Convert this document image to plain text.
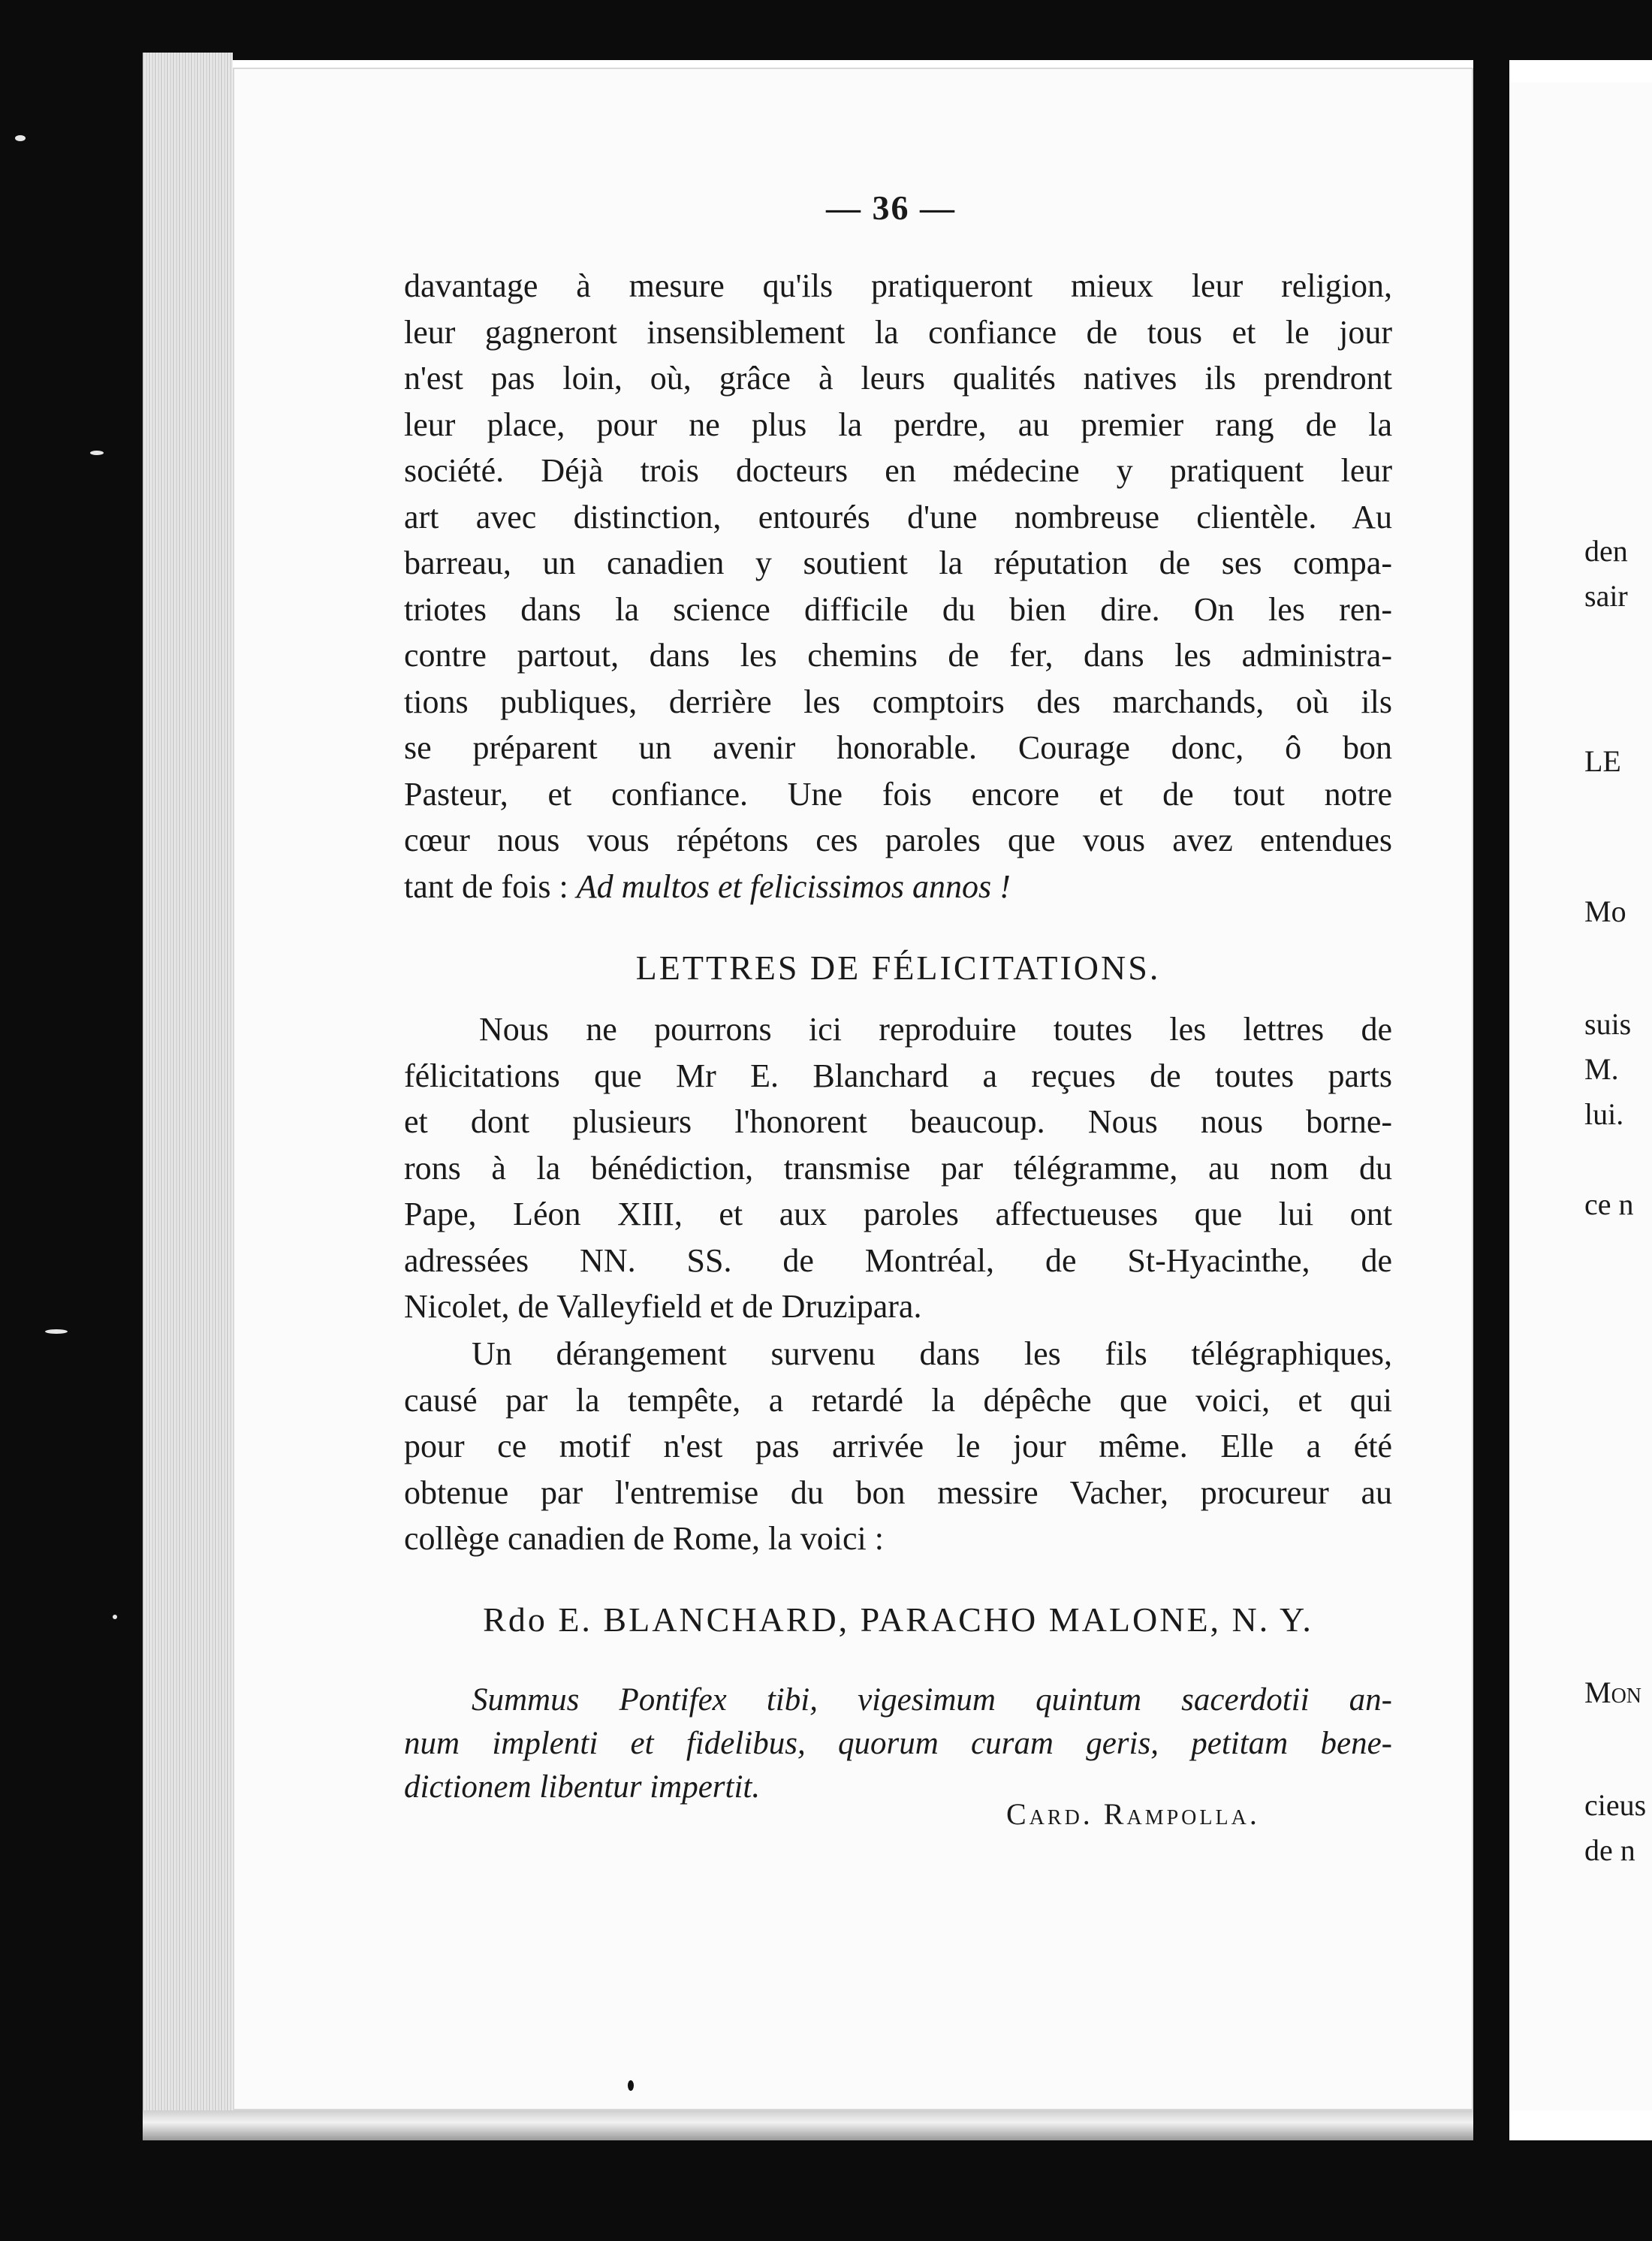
den
sair
LE
Mo
suis
M.
lui.
ce n
Mon
cieus
de n
— 36 —
davantage à mesure qu'ils pratiqueront mieux leur religion,
leur gagneront insensiblement la confiance de tous et le jour
n'est pas loin, où, grâce à leurs qualités natives ils prendront
leur place, pour ne plus la perdre, au premier rang de la
société. Déjà trois docteurs en médecine y pratiquent leur
art avec distinction, entourés d'une nombreuse clientèle. Au
barreau, un canadien y soutient la réputation de ses compa-
triotes dans la science difficile du bien dire. On les ren-
contre partout, dans les chemins de fer, dans les administra-
tions publiques, derrière les comptoirs des marchands, où ils
se préparent un avenir honorable. Courage donc, ô bon
Pasteur, et confiance. Une fois encore et de tout notre
cœur nous vous répétons ces paroles que vous avez entendues
tant de fois : Ad multos et felicissimos annos !
LETTRES DE FÉLICITATIONS.
Nous ne pourrons ici reproduire toutes les lettres de
félicitations que Mr E. Blanchard a reçues de toutes parts
et dont plusieurs l'honorent beaucoup. Nous nous borne-
rons à la bénédiction, transmise par télégramme, au nom du
Pape, Léon XIII, et aux paroles affectueuses que lui ont
adressées NN. SS. de Montréal, de St-Hyacinthe, de
Nicolet, de Valleyfield et de Druzipara.
Un dérangement survenu dans les fils télégraphiques,
causé par la tempête, a retardé la dépêche que voici, et qui
pour ce motif n'est pas arrivée le jour même. Elle a été
obtenue par l'entremise du bon messire Vacher, procureur au
collège canadien de Rome, la voici :
Rdo E. BLANCHARD, PARACHO MALONE, N. Y.
Summus Pontifex tibi, vigesimum quintum sacerdotii an-
num implenti et fidelibus, quorum curam geris, petitam bene-
dictionem libentur impertit.
Card. Rampolla.
